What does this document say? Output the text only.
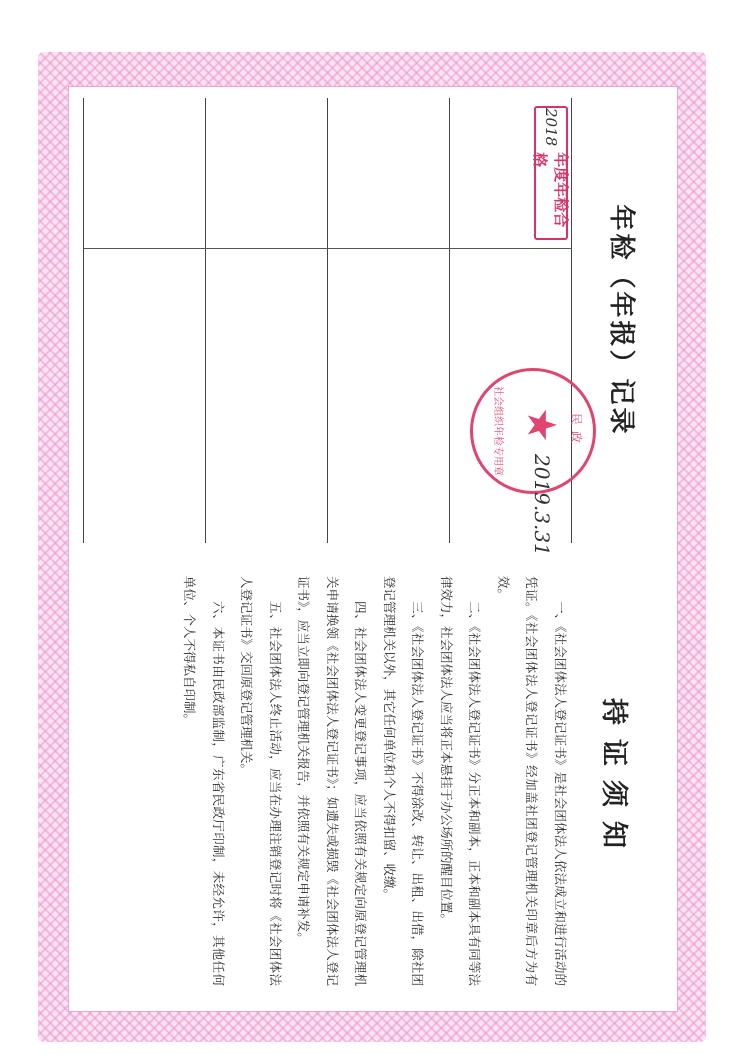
年检（年报）记录
2018
年度年检合格
民政
★
社会组织年检专用章
2019.3.31
持证须知

一、《社会团体法人登记证书》是社会团体法人依法成立和进行活动的凭证。《社会团体法人登记证书》经加盖社团登记管理机关印章后方为有效。

二、《社会团体法人登记证书》分正本和副本，正本和副本具有同等法律效力，社会团体法人应当将正本悬挂于办公场所的醒目位置。

三、《社会团体法人登记证书》不得涂改、转让、出租、出借，除社团登记管理机关以外，其它任何单位和个人不得扣留、收缴。

四、社会团体法人变更登记事项，应当依照有关规定向原登记管理机关申请换领《社会团体法人登记证书》；如遗失或损毁《社会团体法人登记证书》，应当立即向登记管理机关报告，并依照有关规定申请补发。

五、社会团体法人终止活动，应当在办理注销登记时将《社会团体法人登记证书》交回原登记管理机关。

六、本证书由民政部监制，广东省民政厅印制，未经允许，其他任何单位、个人不得私自印制。
